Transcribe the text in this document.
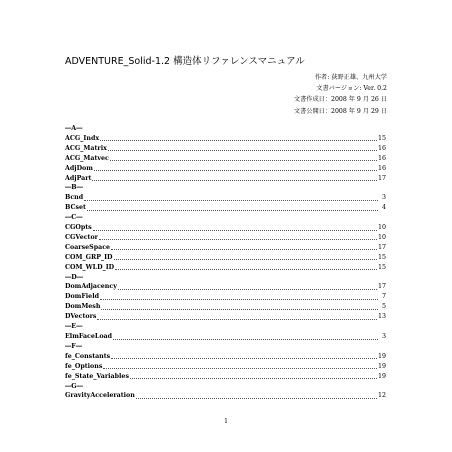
ADVENTURE_Solid-1.2 構造体リファレンスマニュアル
作者: 荻野正雄、九州大学
文書バージョン: Ver. 0.2
文書作成日：2008 年 9 月 26 日
文書公開日：2008 年 9 月 29 日
―A―
ACG_Indx	15
ACG_Matrix	16
ACG_Matvec	16
AdjDom	16
AdjPart	17
―B―
Bcnd	3
BCset	4
―C―
CGOpts	10
CGVector	10
CoarseSpace	17
COM_GRP_ID	15
COM_WLD_ID	15
―D―
DomAdjacency	17
DomField	7
DomMesh	5
DVectors	13
―E―
ElmFaceLoad	3
―F―
fe_Constants	19
fe_Options	19
fe_State_Variables	19
―G―
GravityAcceleration	12
1
